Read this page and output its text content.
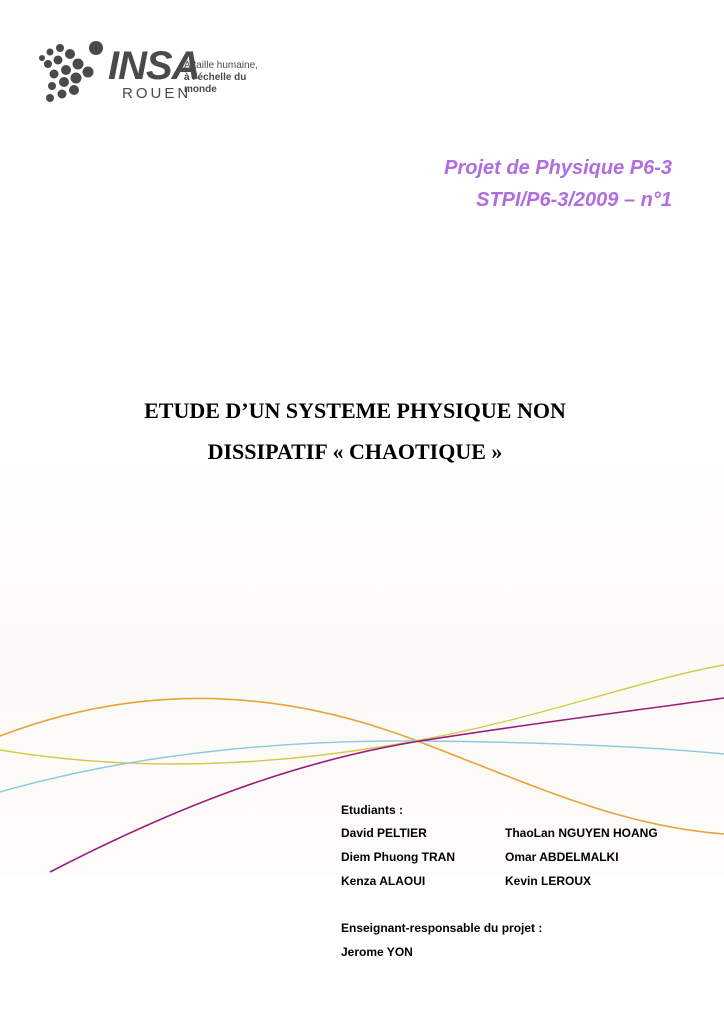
INSA
ROUEN
À taille humaine,
à l'échelle du monde
Projet de Physique P6-3
STPI/P6-3/2009 – n°1
ETUDE D’UN SYSTEME PHYSIQUE NON
DISSIPATIF « CHAOTIQUE »
Etudiants :
David PELTIER	ThaoLan NGUYEN HOANG
Diem Phuong TRAN	Omar ABDELMALKI
Kenza ALAOUI	Kevin LEROUX
Enseignant-responsable du projet :
Jerome YON
